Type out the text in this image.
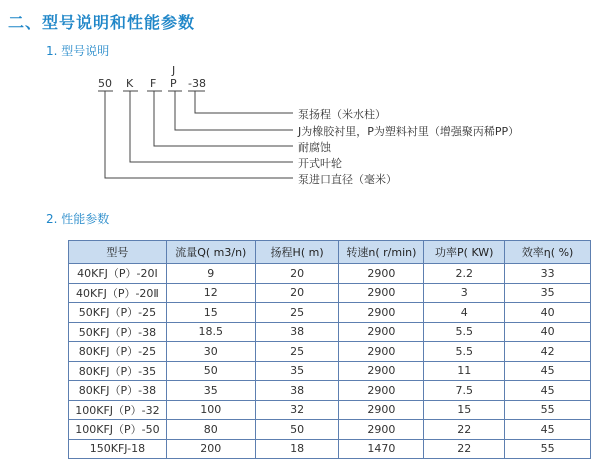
二、型号说明和性能参数
1. 型号说明
J
50 K F P -38
泵扬程（米水柱）
J为橡胶衬里，P为塑料衬里（增强聚丙稀PP）
耐腐蚀
开式叶轮
泵进口直径（毫米）
2. 性能参数
型号	流量Q( m3/n)	扬程H( m)	转速n( r/min)	功率P( KW)	效率η( %)
40KFJ（P）-20Ⅰ	9	20	2900	2.2	33
40KFJ（P）-20Ⅱ	12	20	2900	3	35
50KFJ（P）-25	15	25	2900	4	40
50KFJ（P）-38	18.5	38	2900	5.5	40
80KFJ（P）-25	30	25	2900	5.5	42
80KFJ（P）-35	50	35	2900	11	45
80KFJ（P）-38	35	38	2900	7.5	45
100KFJ（P）-32	100	32	2900	15	55
100KFJ（P）-50	80	50	2900	22	45
150KFJ-18	200	18	1470	22	55
